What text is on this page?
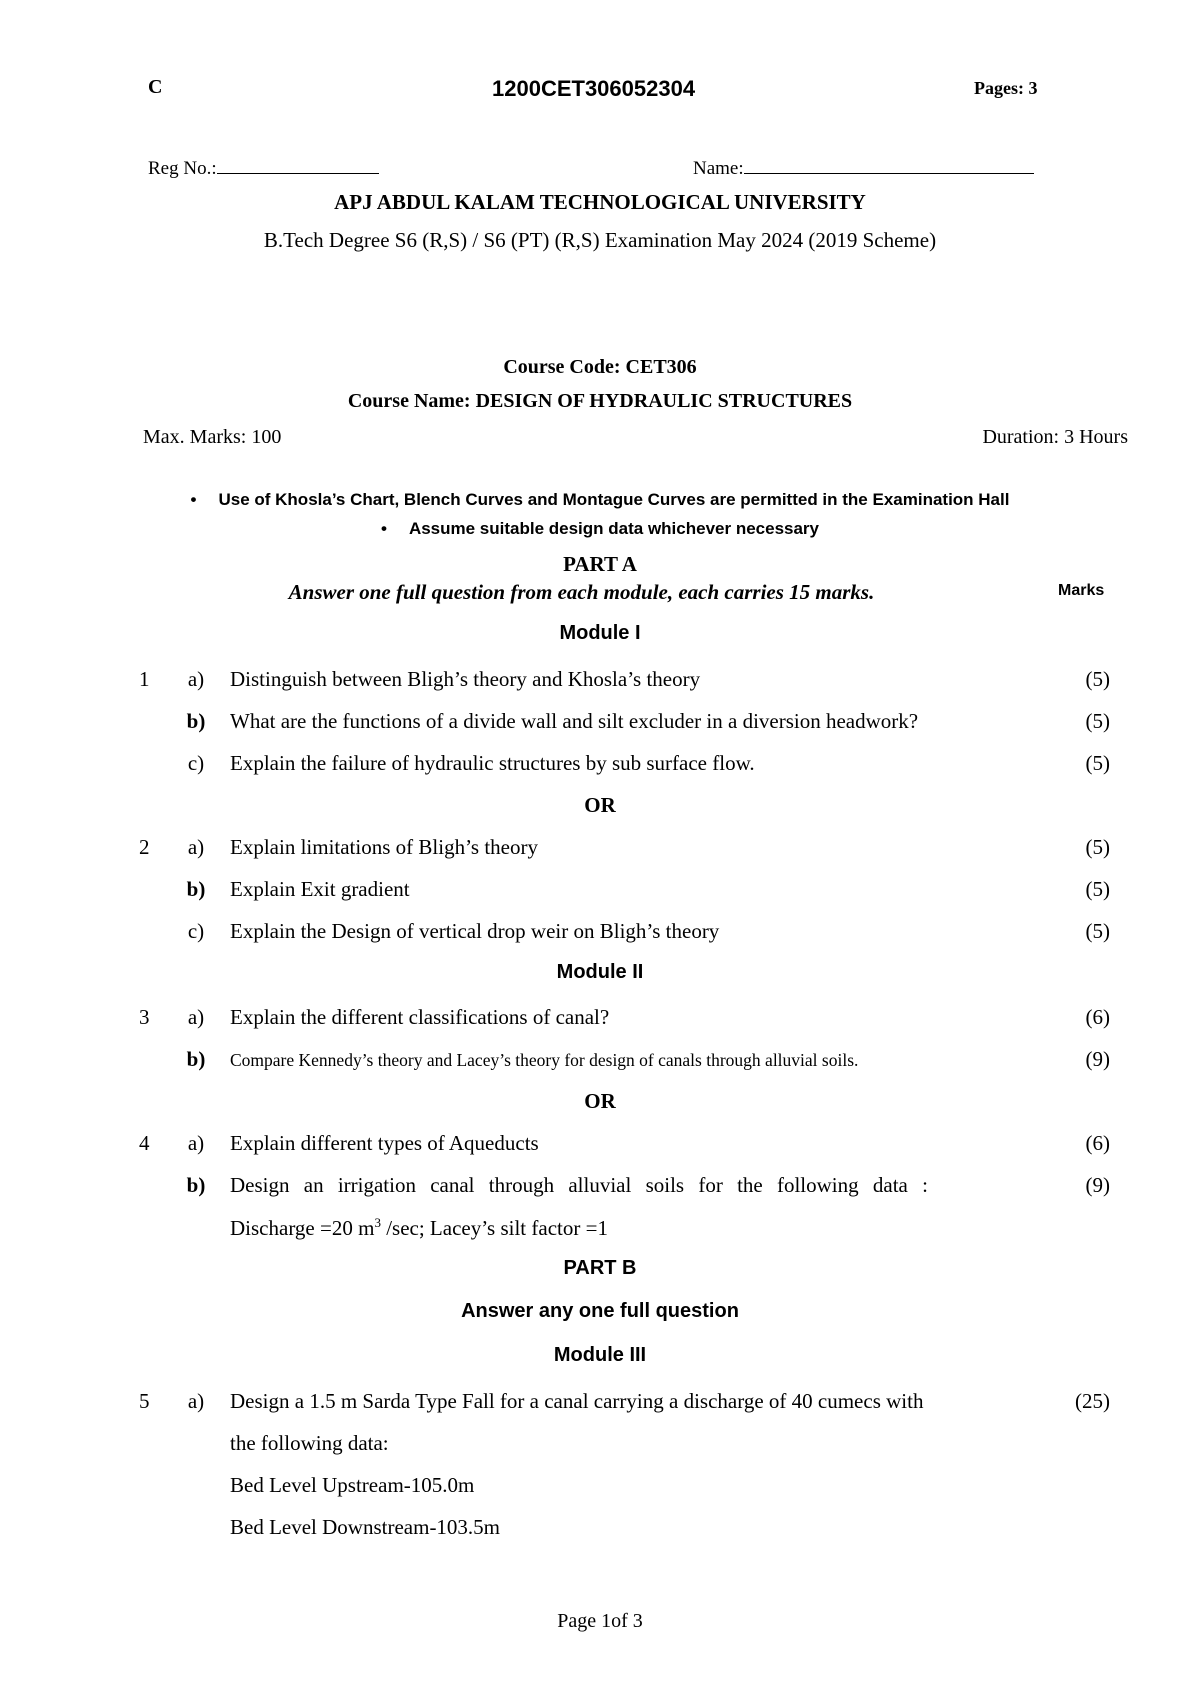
C	1200CET306052304	Pages: 3
Reg No.:	Name:
APJ ABDUL KALAM TECHNOLOGICAL UNIVERSITY
B.Tech Degree S6 (R,S) / S6 (PT) (R,S) Examination May 2024 (2019 Scheme)
Course Code: CET306
Course Name: DESIGN OF HYDRAULIC STRUCTURES
Max. Marks: 100	Duration: 3 Hours
• Use of Khosla’s Chart, Blench Curves and Montague Curves are permitted in the Examination Hall
• Assume suitable design data whichever necessary
PART A
Answer one full question from each module, each carries 15 marks.	Marks
Module I
1 a) Distinguish between Bligh’s theory and Khosla’s theory	(5)
b) What are the functions of a divide wall and silt excluder in a diversion headwork?	(5)
c) Explain the failure of hydraulic structures by sub surface flow.	(5)
OR
2 a) Explain limitations of Bligh’s theory	(5)
b) Explain Exit gradient	(5)
c) Explain the Design of vertical drop weir on Bligh’s theory	(5)
Module II
3 a) Explain the different classifications of canal?	(6)
b) Compare Kennedy’s theory and Lacey’s theory for design of canals through alluvial soils.	(9)
OR
4 a) Explain different types of Aqueducts	(6)
b) Design an irrigation canal through alluvial soils for the following data :	(9)
Discharge =20 $m^3$ /sec; Lacey’s silt factor =1
PART B
Answer any one full question
Module III
5 a) Design a 1.5 m Sarda Type Fall for a canal carrying a discharge of 40 cumecs with	(25)
the following data:
Bed Level Upstream-105.0m
Bed Level Downstream-103.5m
Page 1of 3
